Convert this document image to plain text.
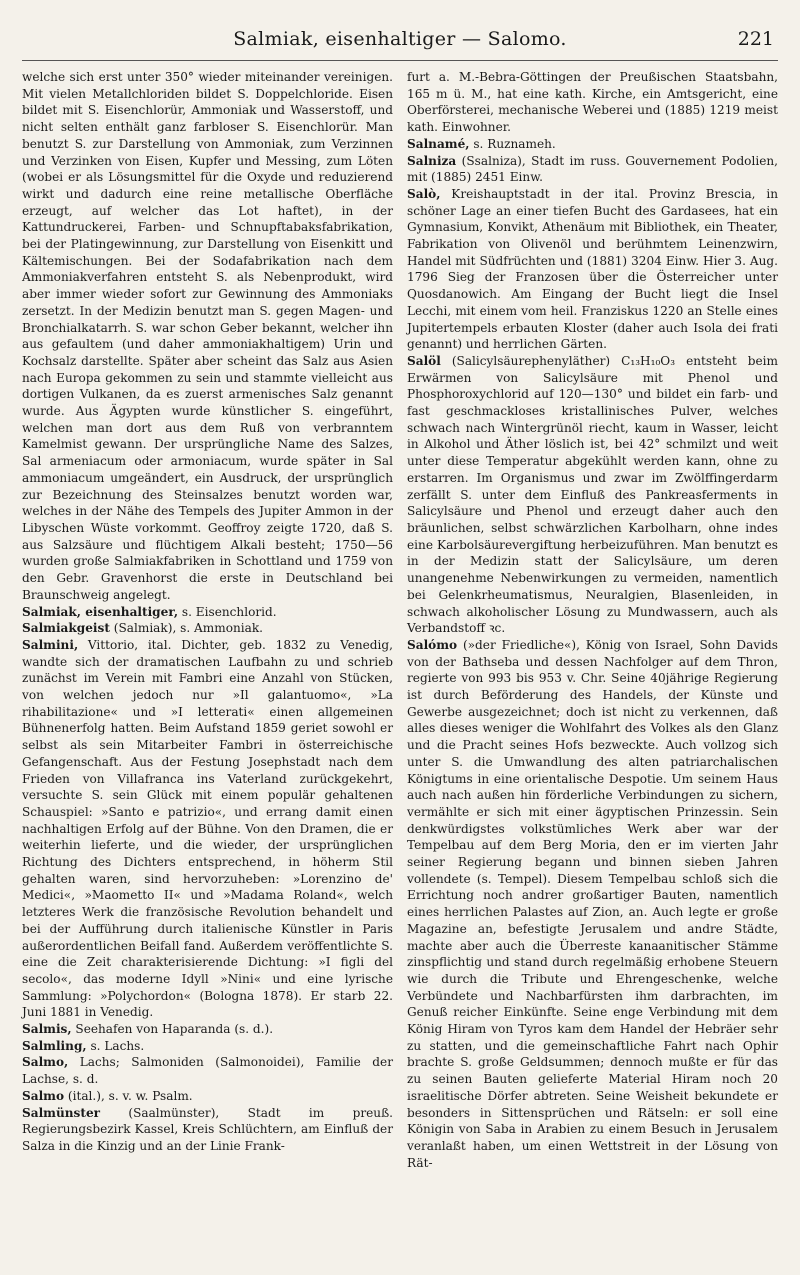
Salmiak, eisenhaltiger — Salomo.	221

welche sich erst unter 350° wieder miteinander vereinigen. Mit vielen Metallchloriden bildet S. Doppelchloride. Eisen bildet mit S. Eisenchlorür, Ammoniak und Wasserstoff, und nicht selten enthält ganz farbloser S. Eisenchlorür. Man benutzt S. zur Darstellung von Ammoniak, zum Verzinnen und Verzinken von Eisen, Kupfer und Messing, zum Löten (wobei er als Lösungsmittel für die Oxyde und reduzierend wirkt und dadurch eine reine metallische Oberfläche erzeugt, auf welcher das Lot haftet), in der Kattundruckerei, Farben- und Schnupftabaksfabrikation, bei der Platingewinnung, zur Darstellung von Eisenkitt und Kältemischungen. Bei der Sodafabrikation nach dem Ammoniakverfahren entsteht S. als Nebenprodukt, wird aber immer wieder sofort zur Gewinnung des Ammoniaks zersetzt. In der Medizin benutzt man S. gegen Magen- und Bronchialkatarrh. S. war schon Geber bekannt, welcher ihn aus gefaultem (und daher ammoniakhaltigem) Urin und Kochsalz darstellte. Später aber scheint das Salz aus Asien nach Europa gekommen zu sein und stammte vielleicht aus dortigen Vulkanen, da es zuerst armenisches Salz genannt wurde. Aus Ägypten wurde künstlicher S. eingeführt, welchen man dort aus dem Ruß von verbranntem Kamelmist gewann. Der ursprüngliche Name des Salzes, Sal armeniacum oder armoniacum, wurde später in Sal ammoniacum umgeändert, ein Ausdruck, der ursprünglich zur Bezeichnung des Steinsalzes benutzt worden war, welches in der Nähe des Tempels des Jupiter Ammon in der Libyschen Wüste vorkommt. Geoffroy zeigte 1720, daß S. aus Salzsäure und flüchtigem Alkali besteht; 1750—56 wurden große Salmiakfabriken in Schottland und 1759 von den Gebr. Gravenhorst die erste in Deutschland bei Braunschweig angelegt.

Salmiak, eisenhaltiger, s. Eisenchlorid.

Salmiakgeist (Salmiak), s. Ammoniak.

Salmini, Vittorio, ital. Dichter, geb. 1832 zu Venedig, wandte sich der dramatischen Laufbahn zu und schrieb zunächst im Verein mit Fambri eine Anzahl von Stücken, von welchen jedoch nur »Il galantuomo«, »La rihabilitazione« und »I letterati« einen allgemeinen Bühnenerfolg hatten. Beim Aufstand 1859 geriet sowohl er selbst als sein Mitarbeiter Fambri in österreichische Gefangenschaft. Aus der Festung Josephstadt nach dem Frieden von Villafranca ins Vaterland zurückgekehrt, versuchte S. sein Glück mit einem populär gehaltenen Schauspiel: »Santo e patrizio«, und errang damit einen nachhaltigen Erfolg auf der Bühne. Von den Dramen, die er weiterhin lieferte, und die wieder, der ursprünglichen Richtung des Dichters entsprechend, in höherm Stil gehalten waren, sind hervorzuheben: »Lorenzino de' Medici«, »Maometto II« und »Madama Roland«, welch letzteres Werk die französische Revolution behandelt und bei der Aufführung durch italienische Künstler in Paris außerordentlichen Beifall fand. Außerdem veröffentlichte S. eine die Zeit charakterisierende Dichtung: »I figli del secolo«, das moderne Idyll »Nini« und eine lyrische Sammlung: »Polychordon« (Bologna 1878). Er starb 22. Juni 1881 in Venedig.

Salmis, Seehafen von Haparanda (s. d.).

Salmling, s. Lachs.

Salmo, Lachs; Salmoniden (Salmonoidei), Familie der Lachse, s. d.

Salmo (ital.), s. v. w. Psalm.

Salmünster (Saalmünster), Stadt im preuß. Regierungsbezirk Kassel, Kreis Schlüchtern, am Einfluß der Salza in die Kinzig und an der Linie Frank-

furt a. M.-Bebra-Göttingen der Preußischen Staatsbahn, 165 m ü. M., hat eine kath. Kirche, ein Amtsgericht, eine Oberförsterei, mechanische Weberei und (1885) 1219 meist kath. Einwohner.

Salnamé, s. Ruznameh.

Salniza (Ssalniza), Stadt im russ. Gouvernement Podolien, mit (1885) 2451 Einw.

Salò, Kreishauptstadt in der ital. Provinz Brescia, in schöner Lage an einer tiefen Bucht des Gardasees, hat ein Gymnasium, Konvikt, Athenäum mit Bibliothek, ein Theater, Fabrikation von Olivenöl und berühmtem Leinenzwirn, Handel mit Südfrüchten und (1881) 3204 Einw. Hier 3. Aug. 1796 Sieg der Franzosen über die Österreicher unter Quosdanowich. Am Eingang der Bucht liegt die Insel Lecchi, mit einem vom heil. Franziskus 1220 an Stelle eines Jupitertempels erbauten Kloster (daher auch Isola dei frati genannt) und herrlichen Gärten.

Salöl (Salicylsäurephenyläther) C₁₃H₁₀O₃ entsteht beim Erwärmen von Salicylsäure mit Phenol und Phosphoroxychlorid auf 120—130° und bildet ein farb- und fast geschmackloses kristallinisches Pulver, welches schwach nach Wintergrünöl riecht, kaum in Wasser, leicht in Alkohol und Äther löslich ist, bei 42° schmilzt und weit unter diese Temperatur abgekühlt werden kann, ohne zu erstarren. Im Organismus und zwar im Zwölffingerdarm zerfällt S. unter dem Einfluß des Pankreasferments in Salicylsäure und Phenol und erzeugt daher auch den bräunlichen, selbst schwärzlichen Karbolharn, ohne indes eine Karbolsäurevergiftung herbeizuführen. Man benutzt es in der Medizin statt der Salicylsäure, um deren unangenehme Nebenwirkungen zu vermeiden, namentlich bei Gelenkrheumatismus, Neuralgien, Blasenleiden, in schwach alkoholischer Lösung zu Mundwassern, auch als Verbandstoff ꝛc.

Salómo (»der Friedliche«), König von Israel, Sohn Davids von der Bathseba und dessen Nachfolger auf dem Thron, regierte von 993 bis 953 v. Chr. Seine 40jährige Regierung ist durch Beförderung des Handels, der Künste und Gewerbe ausgezeichnet; doch ist nicht zu verkennen, daß alles dieses weniger die Wohlfahrt des Volkes als den Glanz und die Pracht seines Hofs bezweckte. Auch vollzog sich unter S. die Umwandlung des alten patriarchalischen Königtums in eine orientalische Despotie. Um seinem Haus auch nach außen hin förderliche Verbindungen zu sichern, vermählte er sich mit einer ägyptischen Prinzessin. Sein denkwürdigstes volkstümliches Werk aber war der Tempelbau auf dem Berg Moria, den er im vierten Jahr seiner Regierung begann und binnen sieben Jahren vollendete (s. Tempel). Diesem Tempelbau schloß sich die Errichtung noch andrer großartiger Bauten, namentlich eines herrlichen Palastes auf Zion, an. Auch legte er große Magazine an, befestigte Jerusalem und andre Städte, machte aber auch die Überreste kanaanitischer Stämme zinspflichtig und stand durch regelmäßig erhobene Steuern wie durch die Tribute und Ehrengeschenke, welche Verbündete und Nachbarfürsten ihm darbrachten, im Genuß reicher Einkünfte. Seine enge Verbindung mit dem König Hiram von Tyros kam dem Handel der Hebräer sehr zu statten, und die gemeinschaftliche Fahrt nach Ophir brachte S. große Geldsummen; dennoch mußte er für das zu seinen Bauten gelieferte Material Hiram noch 20 israelitische Dörfer abtreten. Seine Weisheit bekundete er besonders in Sittensprüchen und Rätseln: er soll eine Königin von Saba in Arabien zu einem Besuch in Jerusalem veranlaßt haben, um einen Wettstreit in der Lösung von Rät-
